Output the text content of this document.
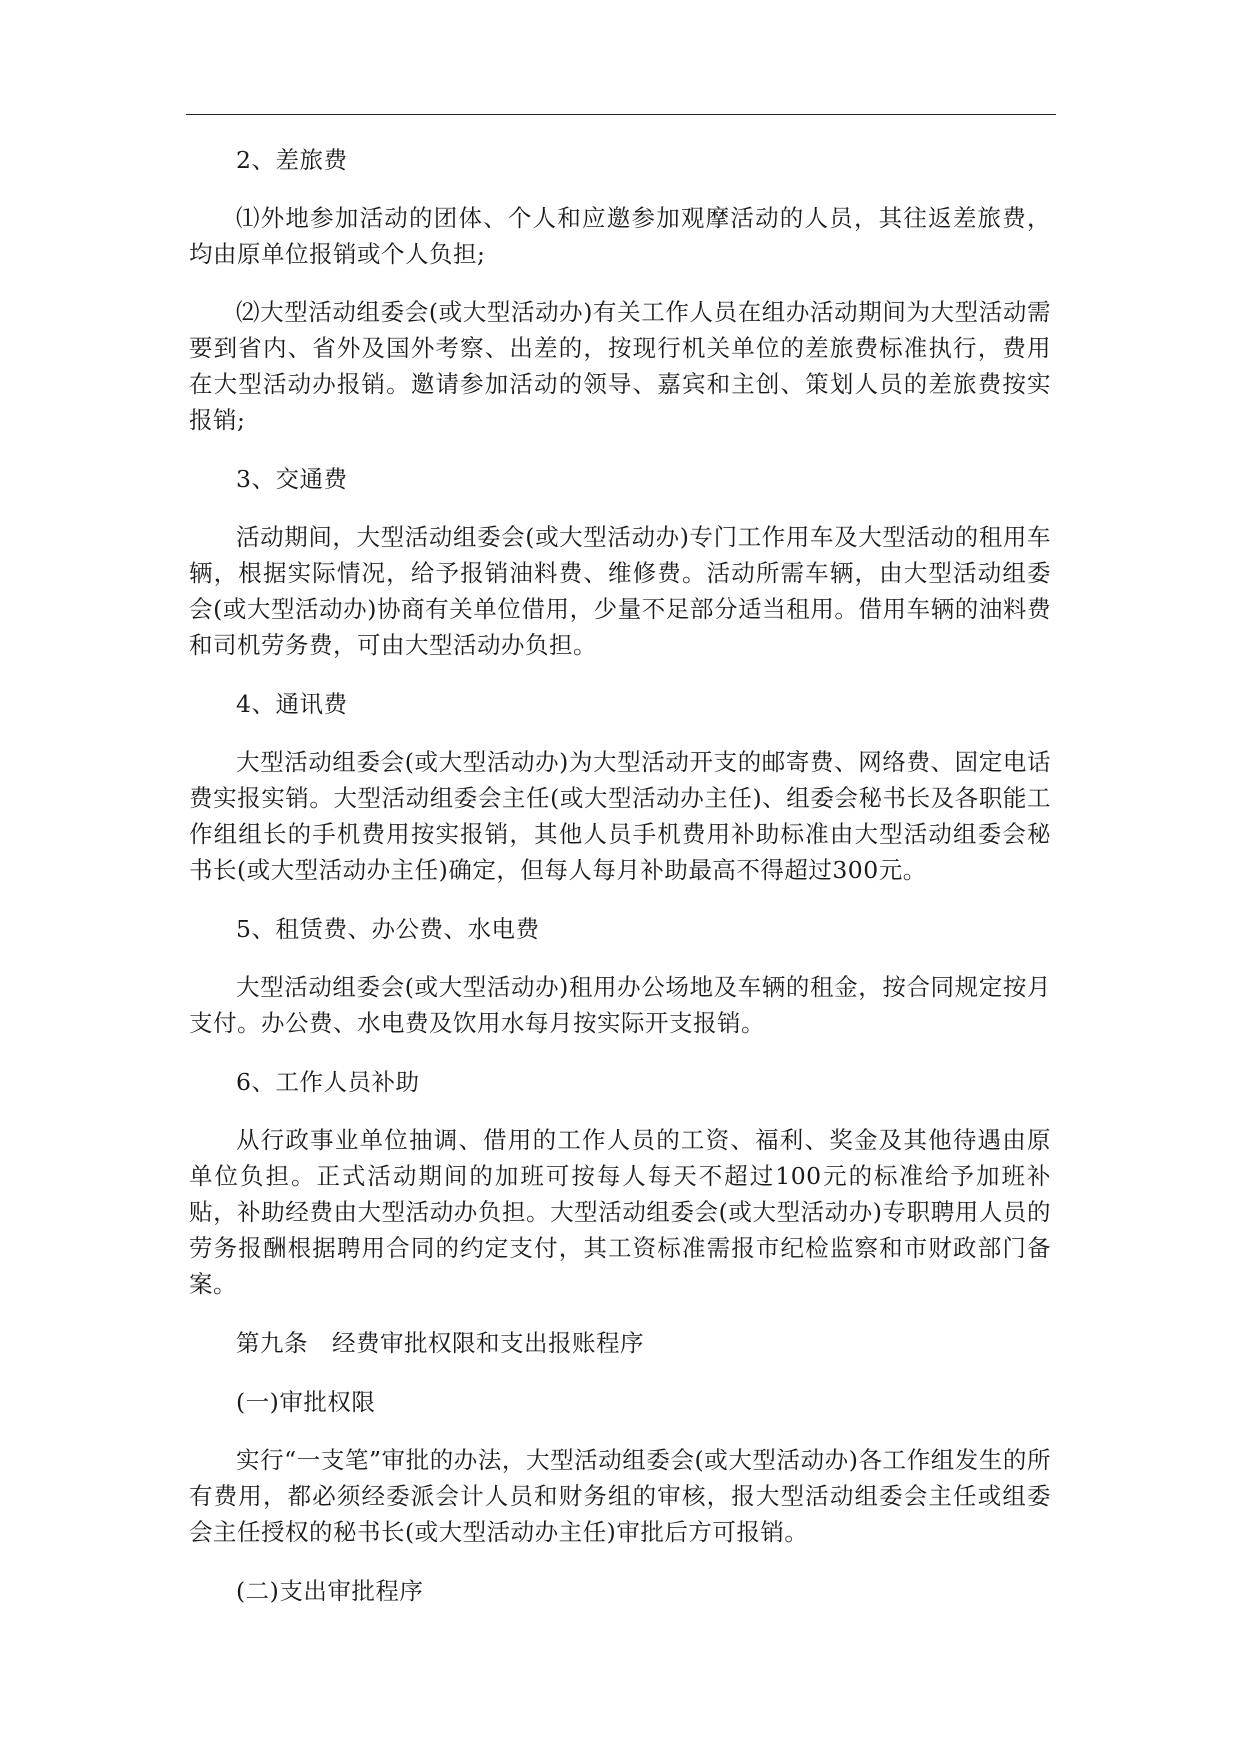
2、差旅费

⑴外地参加活动的团体、个人和应邀参加观摩活动的人员，其往返差旅费，均由原单位报销或个人负担;

⑵大型活动组委会(或大型活动办)有关工作人员在组办活动期间为大型活动需要到省内、省外及国外考察、出差的，按现行机关单位的差旅费标准执行，费用在大型活动办报销。邀请参加活动的领导、嘉宾和主创、策划人员的差旅费按实报销;

3、交通费

活动期间，大型活动组委会(或大型活动办)专门工作用车及大型活动的租用车辆，根据实际情况，给予报销油料费、维修费。活动所需车辆，由大型活动组委会(或大型活动办)协商有关单位借用，少量不足部分适当租用。借用车辆的油料费和司机劳务费，可由大型活动办负担。

4、通讯费

大型活动组委会(或大型活动办)为大型活动开支的邮寄费、网络费、固定电话费实报实销。大型活动组委会主任(或大型活动办主任)、组委会秘书长及各职能工作组组长的手机费用按实报销，其他人员手机费用补助标准由大型活动组委会秘书长(或大型活动办主任)确定，但每人每月补助最高不得超过300元。

5、租赁费、办公费、水电费

大型活动组委会(或大型活动办)租用办公场地及车辆的租金，按合同规定按月支付。办公费、水电费及饮用水每月按实际开支报销。

6、工作人员补助

从行政事业单位抽调、借用的工作人员的工资、福利、奖金及其他待遇由原单位负担。正式活动期间的加班可按每人每天不超过100元的标准给予加班补贴，补助经费由大型活动办负担。大型活动组委会(或大型活动办)专职聘用人员的劳务报酬根据聘用合同的约定支付，其工资标准需报市纪检监察和市财政部门备案。

第九条　经费审批权限和支出报账程序

(一)审批权限

实行“一支笔”审批的办法，大型活动组委会(或大型活动办)各工作组发生的所有费用，都必须经委派会计人员和财务组的审核，报大型活动组委会主任或组委会主任授权的秘书长(或大型活动办主任)审批后方可报销。

(二)支出审批程序
